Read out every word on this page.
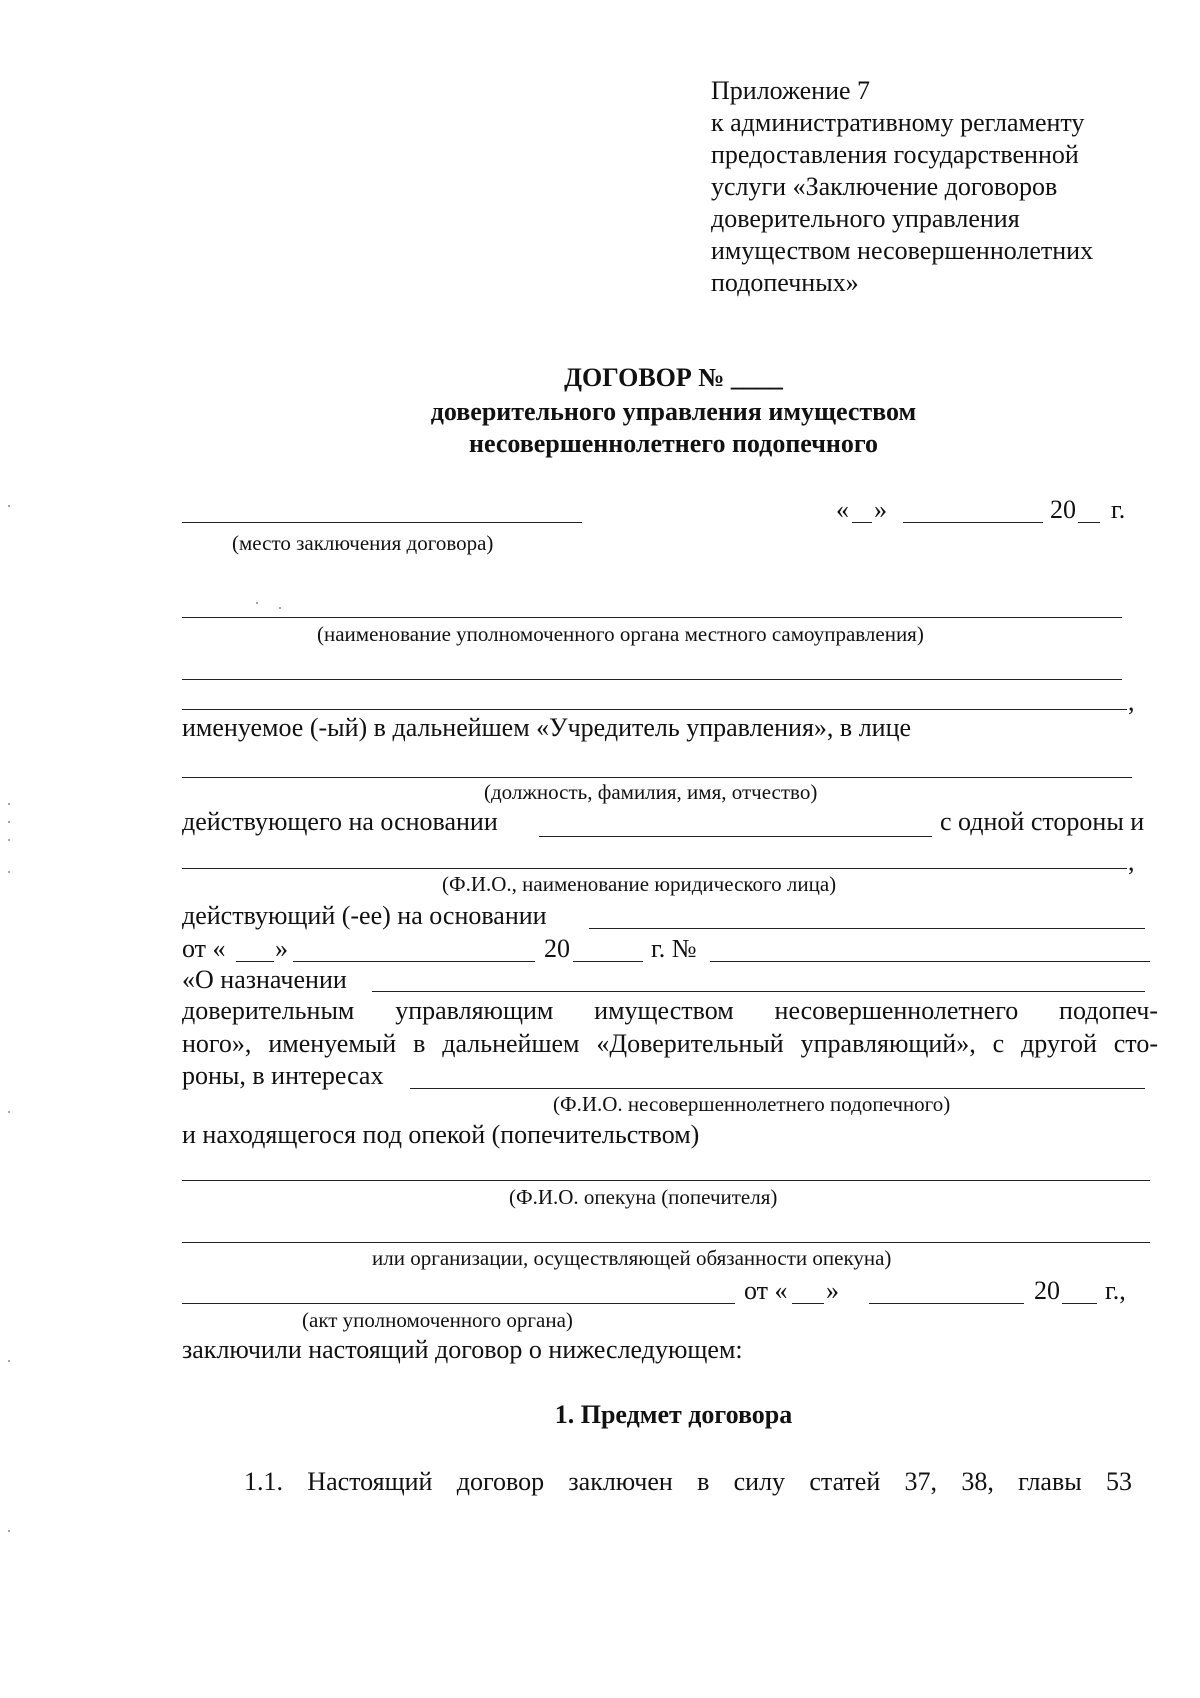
Приложение 7
к административному регламенту
предоставления государственной
услуги «Заключение договоров
доверительного управления
имуществом несовершеннолетних
подопечных»
ДОГОВОР № ____
доверительного управления имуществом
несовершеннолетнего подопечного
« »	20 г.
(место заключения договора)
(наименование уполномоченного органа местного самоуправления)
,
именуемое (-ый) в дальнейшем «Учредитель управления», в лице
(должность, фамилия, имя, отчество)
действующего на основании	с одной стороны и
,
(Ф.И.О., наименование юридического лица)
действующий (-ее) на основании
от « »	20	г. №
«О назначении
доверительным управляющим имуществом несовершеннолетнего подопеч-
ного», именуемый в дальнейшем «Доверительный управляющий», с другой сто-
роны, в интересах
(Ф.И.О. несовершеннолетнего подопечного)
и находящегося под опекой (попечительством)
(Ф.И.О. опекуна (попечителя)
или организации, осуществляющей обязанности опекуна)
от « »	20 г.,
(акт уполномоченного органа)
заключили настоящий договор о нижеследующем:
1. Предмет договора
1.1. Настоящий договор заключен в силу статей 37, 38, главы 53
